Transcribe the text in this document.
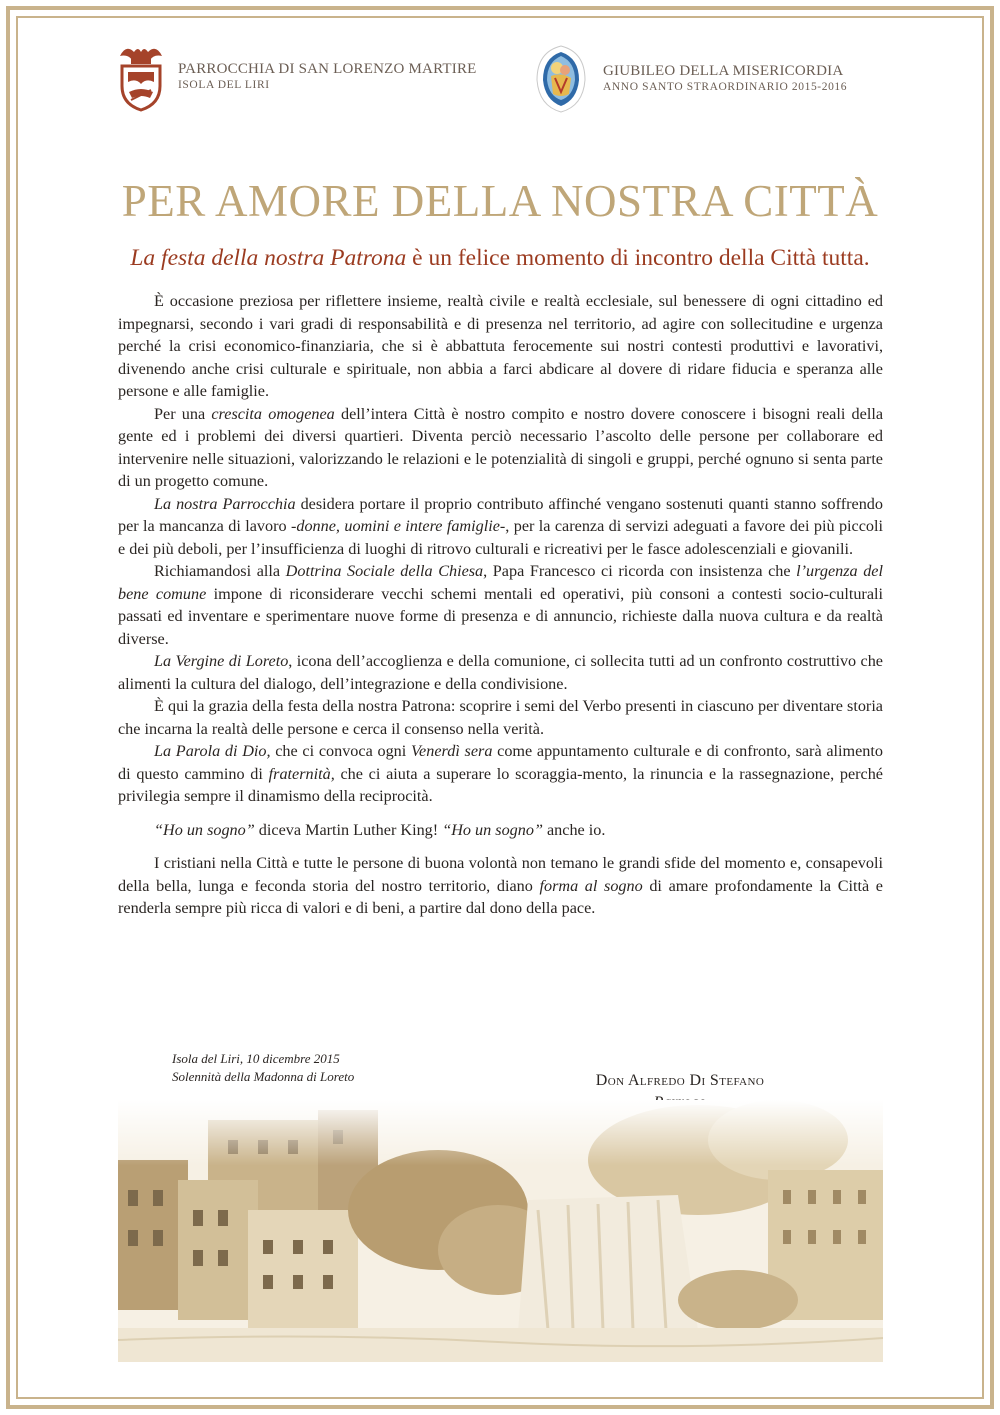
PARROCCHIA DI SAN LORENZO MARTIRE
ISOLA DEL LIRI
GIUBILEO DELLA MISERICORDIA
ANNO SANTO STRAORDINARIO 2015-2016
PER AMORE DELLA NOSTRA CITTÀ
La festa della nostra Patrona è un felice momento di incontro della Città tutta.

È occasione preziosa per riflettere insieme, realtà civile e realtà ecclesiale, sul benessere di ogni cittadino ed impegnarsi, secondo i vari gradi di responsabilità e di presenza nel territorio, ad agire con sollecitudine e urgenza perché la crisi economico-finanziaria, che si è abbattuta ferocemente sui nostri contesti produttivi e lavorativi, divenendo anche crisi culturale e spirituale, non abbia a farci abdicare al dovere di ridare fiducia e speranza alle persone e alle famiglie.

Per una crescita omogenea dell’intera Città è nostro compito e nostro dovere conoscere i bisogni reali della gente ed i problemi dei diversi quartieri. Diventa perciò necessario l’ascolto delle persone per collaborare ed intervenire nelle situazioni, valorizzando le relazioni e le potenzialità di singoli e gruppi, perché ognuno si senta parte di un progetto comune.

La nostra Parrocchia desidera portare il proprio contributo affinché vengano sostenuti quanti stanno soffrendo per la mancanza di lavoro -donne, uomini e intere famiglie-, per la carenza di servizi adeguati a favore dei più piccoli e dei più deboli, per l’insufficienza di luoghi di ritrovo culturali e ricreativi per le fasce adolescenziali e giovanili.

Richiamandosi alla Dottrina Sociale della Chiesa, Papa Francesco ci ricorda con insistenza che l’urgenza del bene comune impone di riconsiderare vecchi schemi mentali ed operativi, più consoni a contesti socio-culturali passati ed inventare e sperimentare nuove forme di presenza e di annuncio, richieste dalla nuova cultura e da realtà diverse.

La Vergine di Loreto, icona dell’accoglienza e della comunione, ci sollecita tutti ad un confronto costruttivo che alimenti la cultura del dialogo, dell’integrazione e della condivisione.

È qui la grazia della festa della nostra Patrona: scoprire i semi del Verbo presenti in ciascuno per diventare storia che incarna la realtà delle persone e cerca il consenso nella verità.

La Parola di Dio, che ci convoca ogni Venerdì sera come appuntamento culturale e di confronto, sarà alimento di questo cammino di fraternità, che ci aiuta a superare lo scoraggia-mento, la rinuncia e la rassegnazione, perché privilegia sempre il dinamismo della reciprocità.

“Ho un sogno” diceva Martin Luther King! “Ho un sogno” anche io.

I cristiani nella Città e tutte le persone di buona volontà non temano le grandi sfide del momento e, consapevoli della bella, lunga e feconda storia del nostro territorio, diano forma al sogno di amare profondamente la Città e renderla sempre più ricca di valori e di beni, a partire dal dono della pace.

Isola del Liri, 10 dicembre 2015
Solennità della Madonna di Loreto	Don Alfredo Di Stefano
